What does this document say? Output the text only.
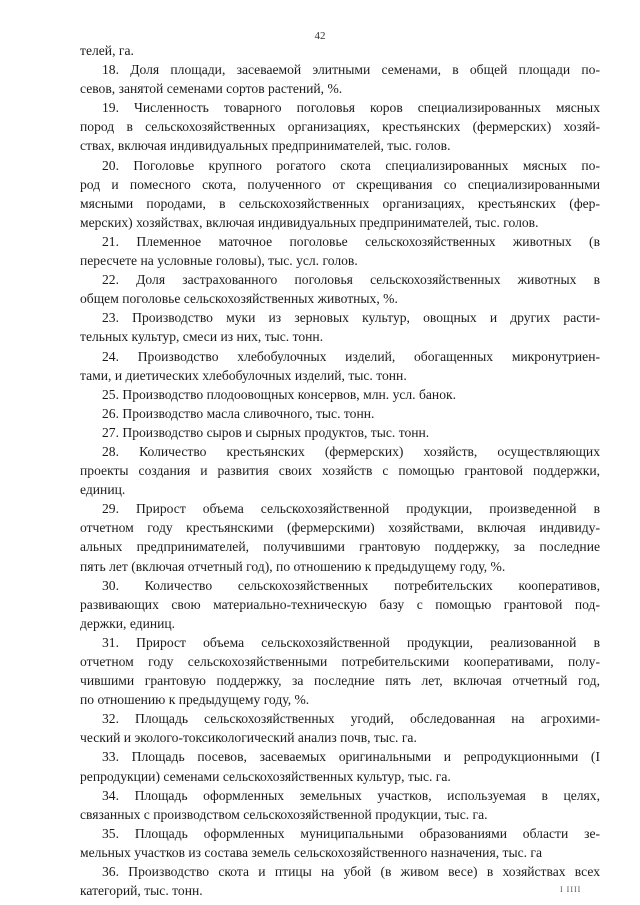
42
телей, га.
18. Доля площади, засеваемой элитными семенами, в общей площади по-
севов, занятой семенами сортов растений, %.
19. Численность товарного поголовья коров специализированных мясных
пород в сельскохозяйственных организациях, крестьянских (фермерских) хозяй-
ствах, включая индивидуальных предпринимателей, тыс. голов.
20. Поголовье крупного рогатого скота специализированных мясных по-
род и помесного скота, полученного от скрещивания со специализированными
мясными породами, в сельскохозяйственных организациях, крестьянских (фер-
мерских) хозяйствах, включая индивидуальных предпринимателей, тыс. голов.
21. Племенное маточное поголовье сельскохозяйственных животных (в
пересчете на условные головы), тыс. усл. голов.
22. Доля застрахованного поголовья сельскохозяйственных животных в
общем поголовье сельскохозяйственных животных, %.
23. Производство муки из зерновых культур, овощных и других расти-
тельных культур, смеси из них, тыс. тонн.
24. Производство хлебобулочных изделий, обогащенных микронутриен-
тами, и диетических хлебобулочных изделий, тыс. тонн.
25. Производство плодоовощных консервов, млн. усл. банок.
26. Производство масла сливочного, тыс. тонн.
27. Производство сыров и сырных продуктов, тыс. тонн.
28. Количество крестьянских (фермерских) хозяйств, осуществляющих
проекты создания и развития своих хозяйств с помощью грантовой поддержки,
единиц.
29. Прирост объема сельскохозяйственной продукции, произведенной в
отчетном году крестьянскими (фермерскими) хозяйствами, включая индивиду-
альных предпринимателей, получившими грантовую поддержку, за последние
пять лет (включая отчетный год), по отношению к предыдущему году, %.
30. Количество сельскохозяйственных потребительских кооперативов,
развивающих свою материально-техническую базу с помощью грантовой под-
держки, единиц.
31. Прирост объема сельскохозяйственной продукции, реализованной в
отчетном году сельскохозяйственными потребительскими кооперативами, полу-
чившими грантовую поддержку, за последние пять лет, включая отчетный год,
по отношению к предыдущему году, %.
32. Площадь сельскохозяйственных угодий, обследованная на агрохими-
ческий и эколого-токсикологический анализ почв, тыс. га.
33. Площадь посевов, засеваемых оригинальными и репродукционными (I
репродукции) семенами сельскохозяйственных культур, тыс. га.
34. Площадь оформленных земельных участков, используемая в целях,
связанных с производством сельскохозяйственной продукции, тыс. га.
35. Площадь оформленных муниципальными образованиями области зе-
мельных участков из состава земель сельскохозяйственного назначения, тыс. га
36. Производство скота и птицы на убой (в живом весе) в хозяйствах всех
категорий, тыс. тонн.	I IIII
